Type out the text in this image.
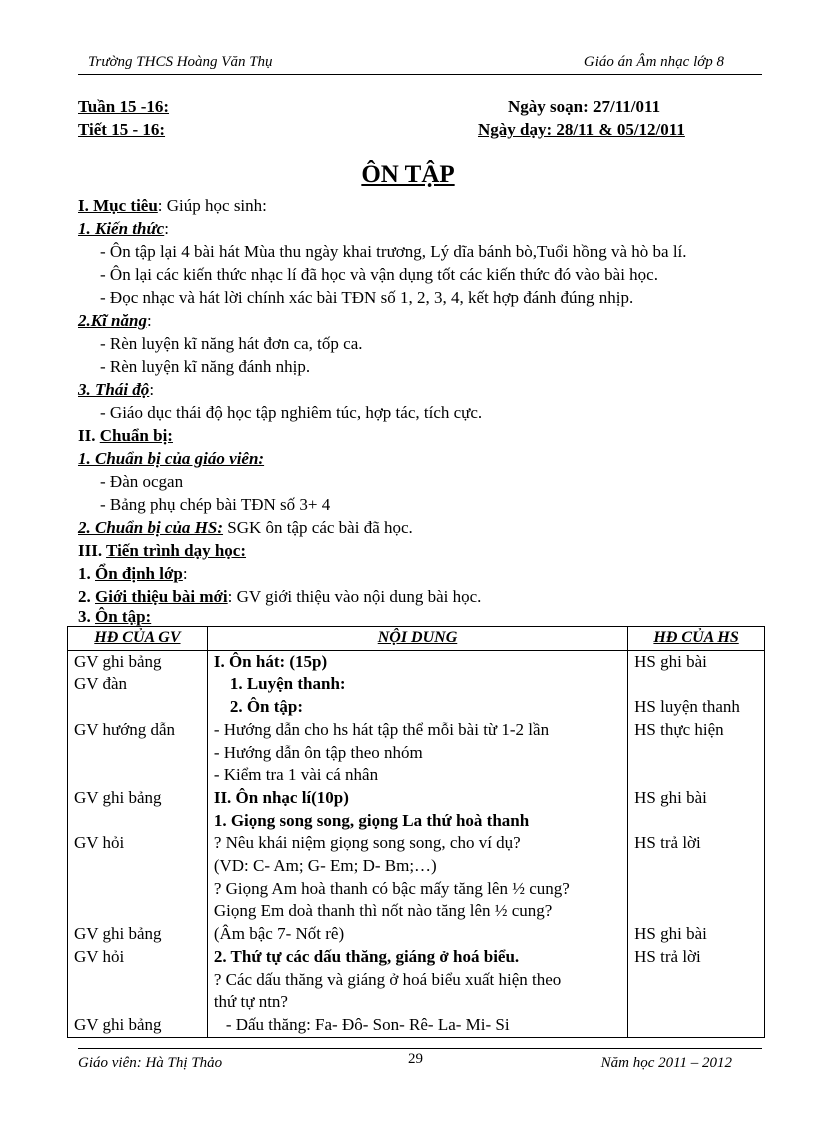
Trường THCS Hoàng Văn Thụ	Giáo án Âm nhạc lớp 8
Tuần 15 -16:
Tiết 15 - 16:
Ngày soạn: 27/11/011
Ngày dạy: 28/11 & 05/12/011
ÔN TẬP
I. Mục tiêu: Giúp học sinh:
1. Kiến thức:
- Ôn tập lại 4 bài hát Mùa thu ngày khai trương, Lý dĩa bánh bò,Tuổi hồng và hò ba lí.
- Ôn lại các kiến thức nhạc lí đã học và vận dụng tốt các kiến thức đó vào bài học.
- Đọc nhạc và hát lời chính xác bài TĐN số 1, 2, 3, 4, kết hợp đánh đúng nhịp.
2.Kĩ năng:
- Rèn luyện kĩ năng hát đơn ca, tốp ca.
- Rèn luyện kĩ năng đánh nhịp.
3. Thái độ:
- Giáo dục thái độ học tập nghiêm túc, hợp tác, tích cực.
II. Chuẩn bị:
1. Chuẩn bị của giáo viên:
- Đàn ocgan
- Bảng phụ chép bài TĐN số 3+ 4
2. Chuẩn bị của HS: SGK ôn tập các bài đã học.
III. Tiến trình dạy học:
1. Ổn định lớp:
2. Giới thiệu bài mới: GV giới thiệu vào nội dung bài học.
3. Ôn tập:
HĐ CỦA GV	NỘI DUNG	HĐ CỦA HS
GV ghi bảng	I. Ôn hát: (15p)	HS ghi bài
GV đàn	1. Luyện thanh:	
	2. Ôn tập:	HS luyện thanh
GV hướng dẫn	- Hướng dẫn cho hs hát tập thể mỗi bài từ 1-2 lần	HS thực hiện
	- Hướng dẫn ôn tập theo nhóm	
	- Kiểm tra 1 vài cá nhân	
GV ghi bảng	II. Ôn nhạc lí(10p)	HS ghi bài
	1. Giọng song song, giọng La thứ hoà thanh	
GV hỏi	? Nêu khái niệm giọng song song, cho ví dụ?	HS trả lời
	(VD: C- Am; G- Em; D- Bm;…)	
	? Giọng Am hoà thanh có bậc mấy tăng lên ½ cung?	
	Giọng Em doà thanh thì nốt nào tăng lên ½ cung?	
GV ghi bảng	(Âm bậc 7- Nốt rê)	HS ghi bài
GV hỏi	2. Thứ tự các dấu thăng, giáng ở hoá biểu.	HS trả lời
	? Các dấu thăng và giáng ở hoá biểu xuất hiện theo	
	thứ tự ntn?	
GV ghi bảng	- Dấu thăng: Fa- Đô- Son- Rê- La- Mi- Si	
Giáo viên: Hà Thị Thảo	29	Năm học 2011 – 2012
